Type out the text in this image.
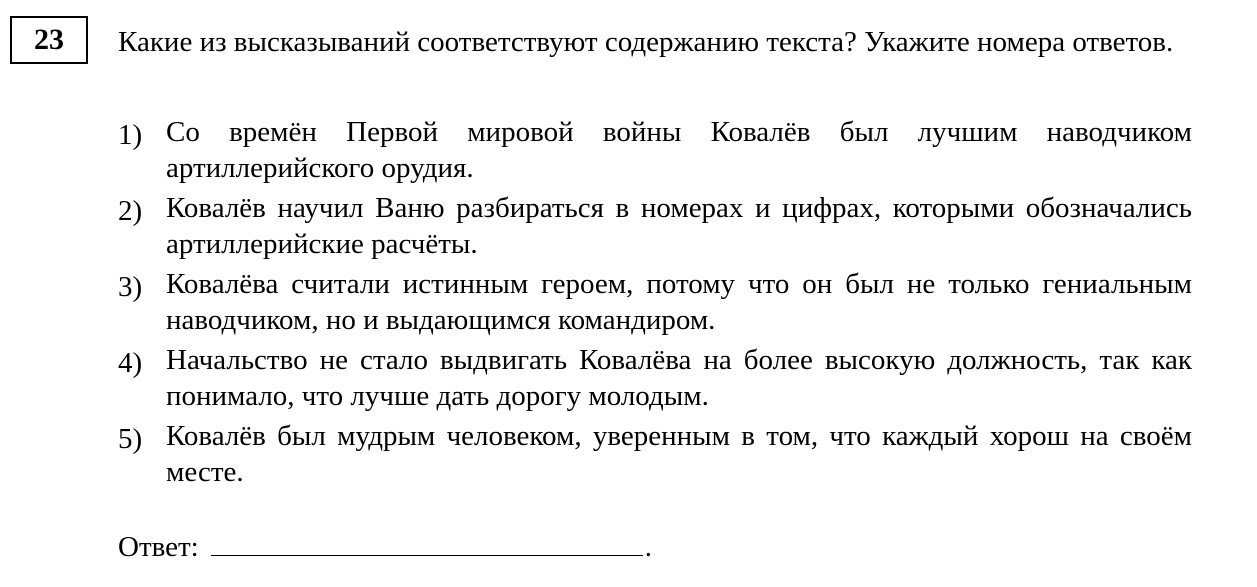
23 Какие из высказываний соответствуют содержанию текста? Укажите номера ответов.

1) Со времён Первой мировой войны Ковалёв был лучшим наводчиком артиллерийского орудия.
2) Ковалёв научил Ваню разбираться в номерах и цифрах, которыми обозначались артиллерийские расчёты.
3) Ковалёва считали истинным героем, потому что он был не только гениальным наводчиком, но и выдающимся командиром.
4) Начальство не стало выдвигать Ковалёва на более высокую должность, так как понимало, что лучше дать дорогу молодым.
5) Ковалёв был мудрым человеком, уверенным в том, что каждый хорош на своём месте.
Ответ:	.
